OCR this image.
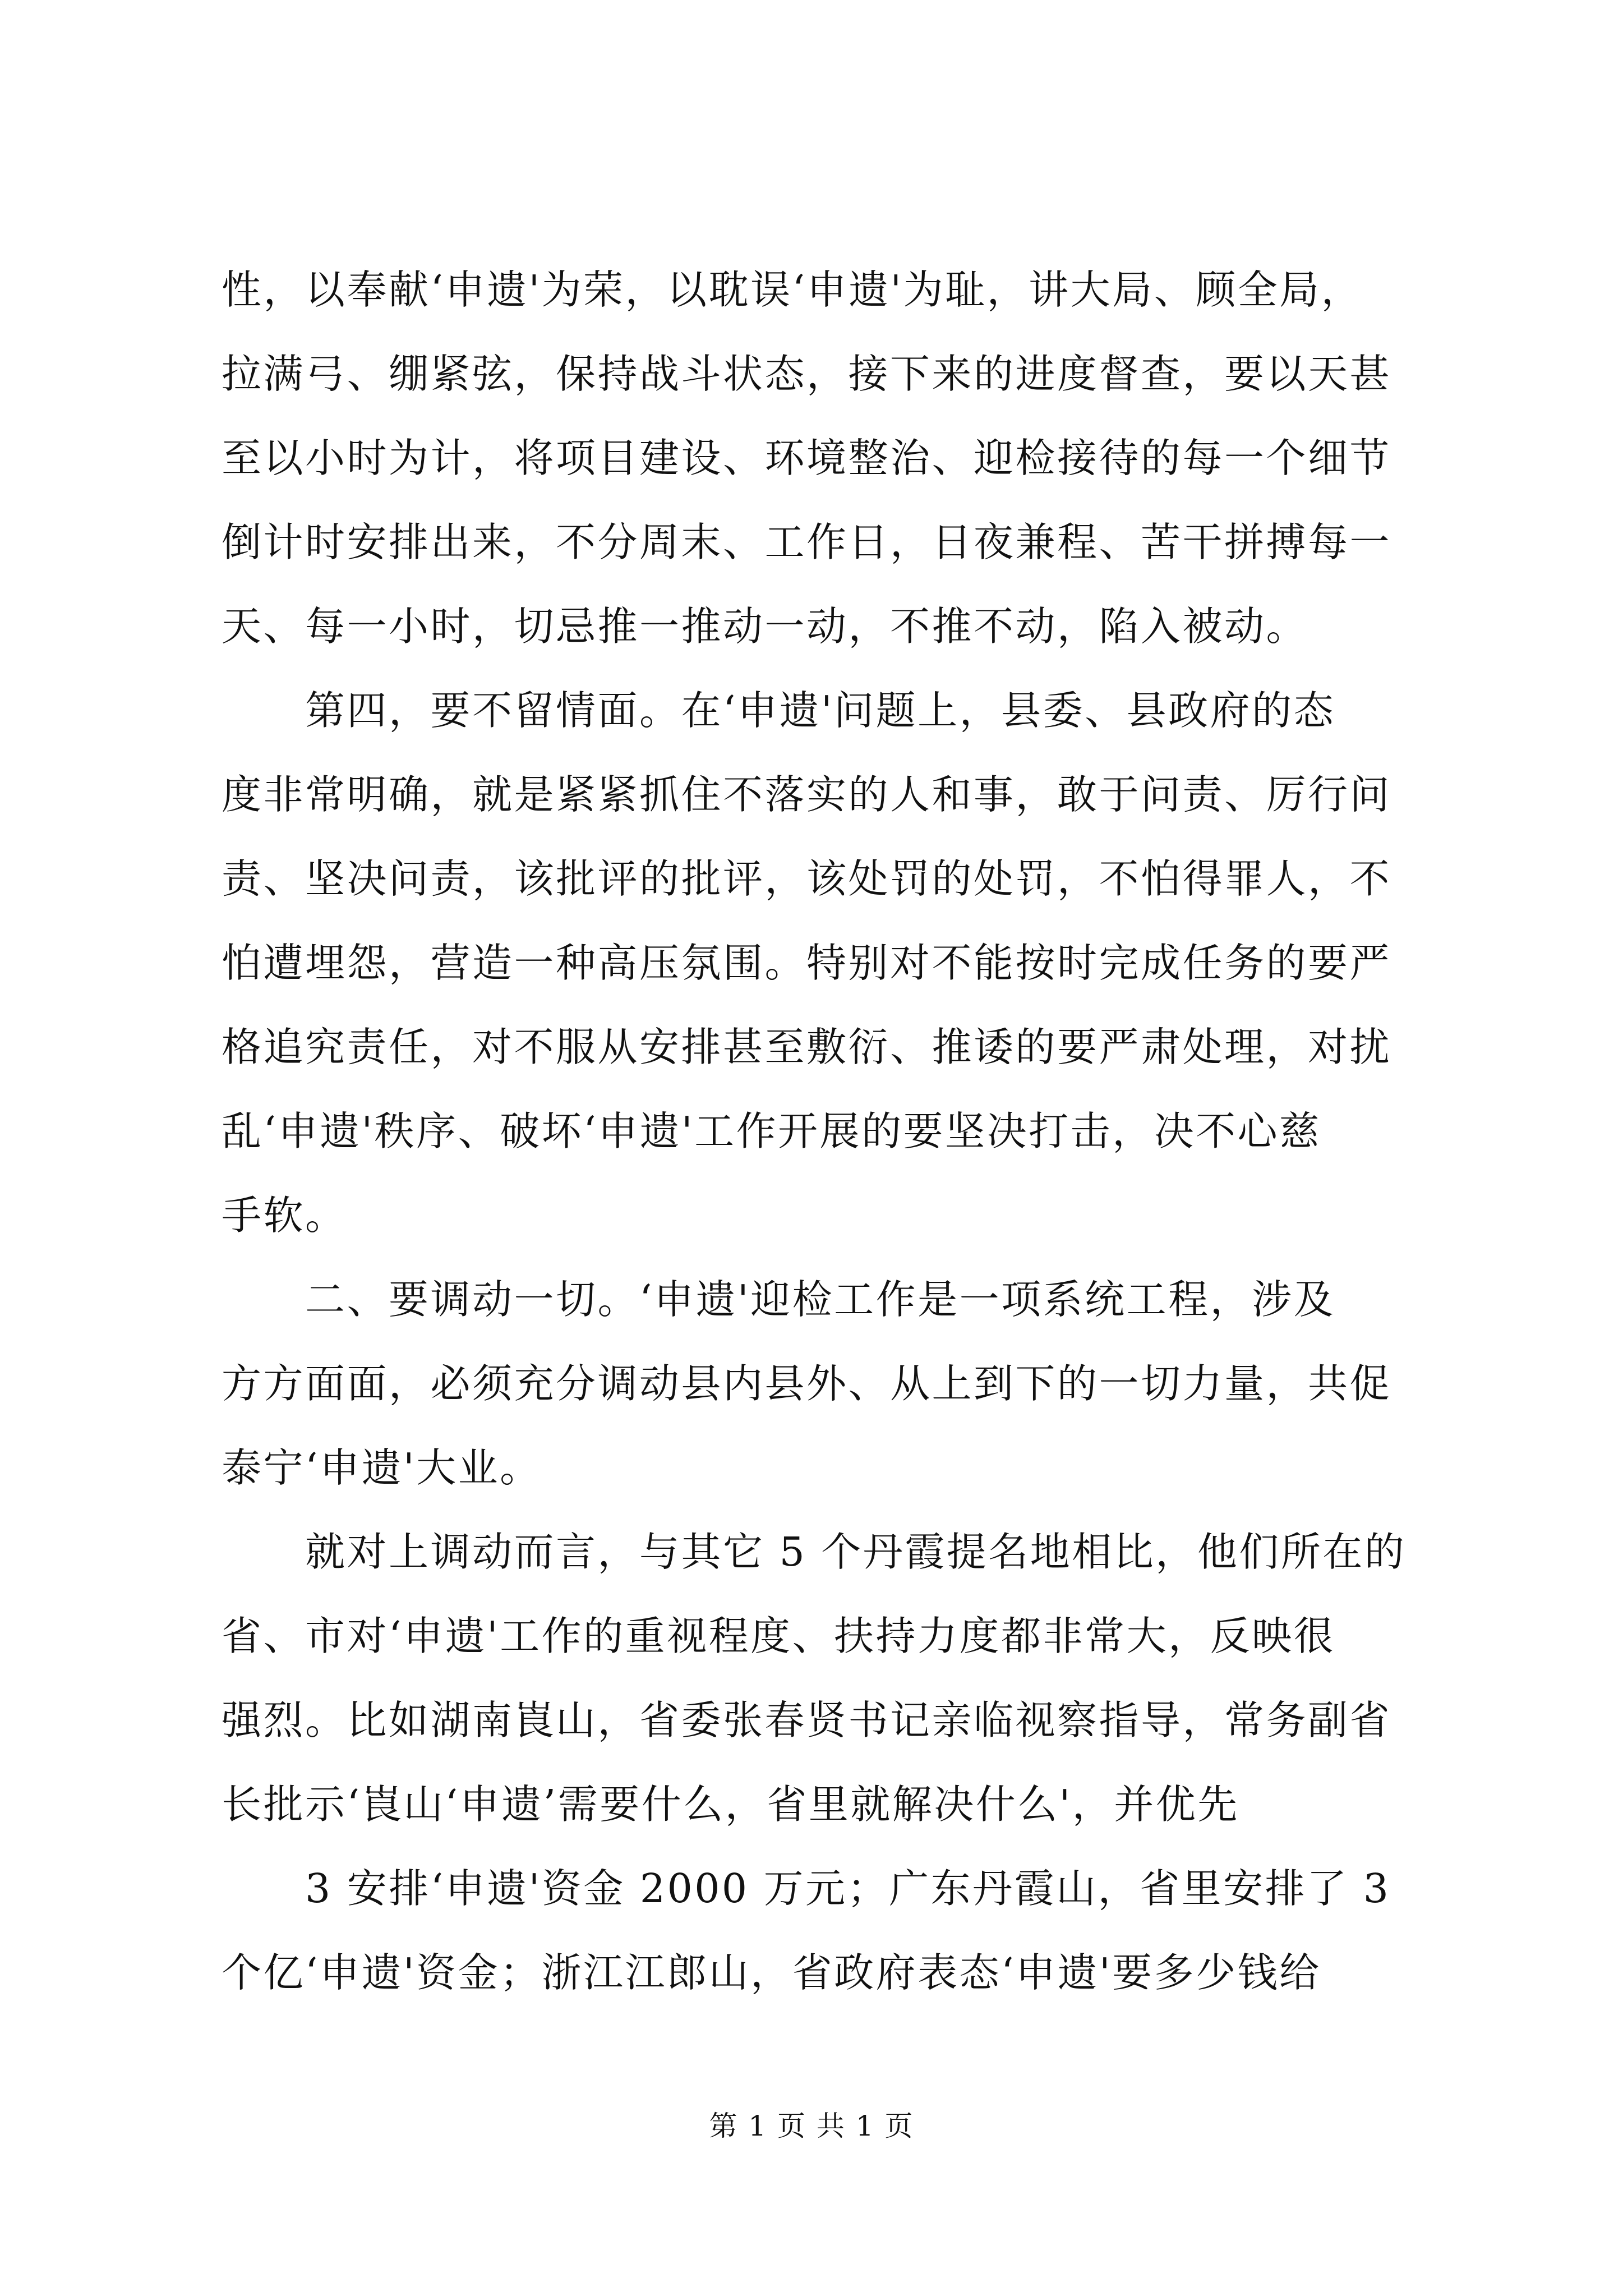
性，以奉献‘申遗'为荣，以耽误‘申遗'为耻，讲大局、顾全局，
拉满弓、绷紧弦，保持战斗状态，接下来的进度督查，要以天甚
至以小时为计，将项目建设、环境整治、迎检接待的每一个细节
倒计时安排出来，不分周末、工作日，日夜兼程、苦干拼搏每一
天、每一小时，切忌推一推动一动，不推不动，陷入被动。
　　第四，要不留情面。在‘申遗'问题上，县委、县政府的态
度非常明确，就是紧紧抓住不落实的人和事，敢于问责、厉行问
责、坚决问责，该批评的批评，该处罚的处罚，不怕得罪人，不
怕遭埋怨，营造一种高压氛围。特别对不能按时完成任务的要严
格追究责任，对不服从安排甚至敷衍、推诿的要严肃处理，对扰
乱‘申遗'秩序、破坏‘申遗'工作开展的要坚决打击，决不心慈
手软。
　　二、要调动一切。‘申遗'迎检工作是一项系统工程，涉及
方方面面，必须充分调动县内县外、从上到下的一切力量，共促
泰宁‘申遗'大业。
　　就对上调动而言，与其它 5 个丹霞提名地相比，他们所在的
省、市对‘申遗'工作的重视程度、扶持力度都非常大，反映很
强烈。比如湖南崀山，省委张春贤书记亲临视察指导，常务副省
长批示‘崀山‘申遗’需要什么，省里就解决什么'，并优先
　　3 安排‘申遗'资金 2000 万元；广东丹霞山，省里安排了 3
个亿‘申遗'资金；浙江江郎山，省政府表态‘申遗'要多少钱给
第 1 页 共 1 页
